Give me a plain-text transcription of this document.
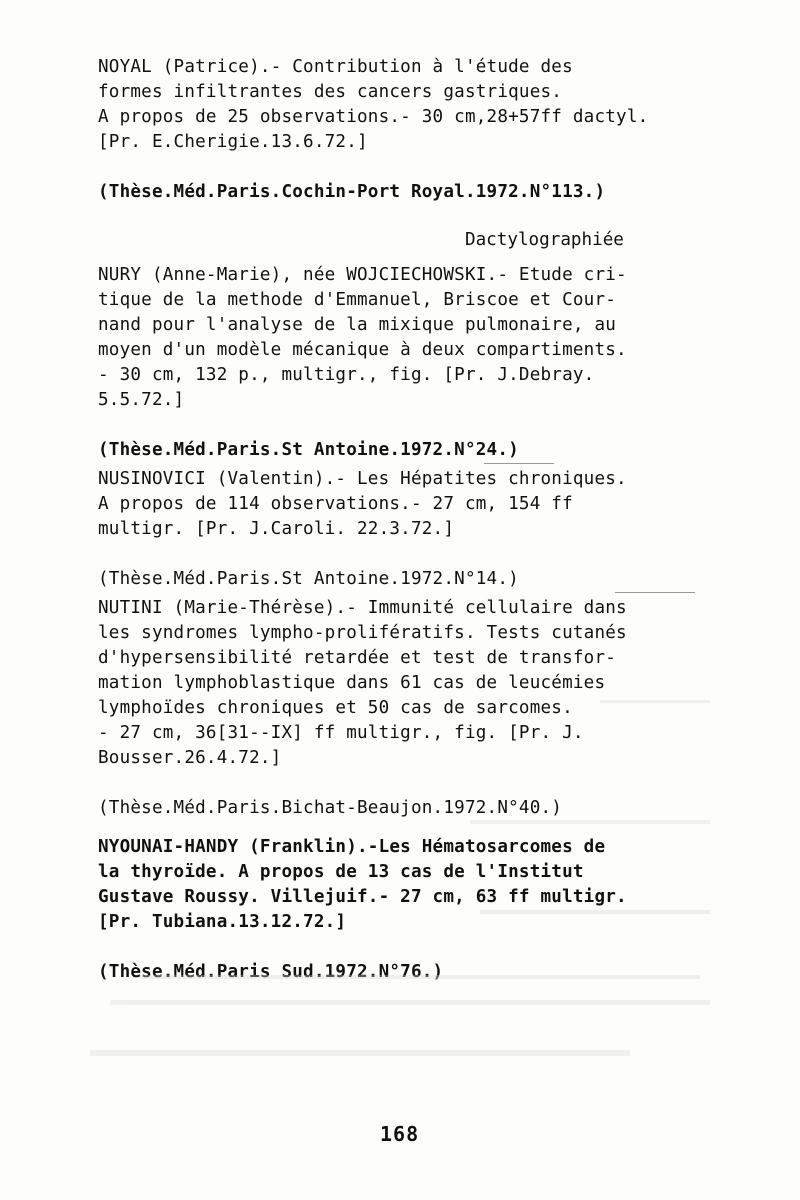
NOYAL (Patrice).- Contribution à l'étude des
formes infiltrantes des cancers gastriques.
A propos de 25 observations.- 30 cm,28+57ff dactyl.
[Pr. E.Cherigie.13.6.72.]
(Thèse.Méd.Paris.Cochin-Port Royal.1972.N°113.)
Dactylographiée
NURY (Anne-Marie), née WOJCIECHOWSKI.- Etude cri-
tique de la methode d'Emmanuel, Briscoe et Cour-
nand pour l'analyse de la mixique pulmonaire, au
moyen d'un modèle mécanique à deux compartiments.
- 30 cm, 132 p., multigr., fig. [Pr. J.Debray.
5.5.72.]
(Thèse.Méd.Paris.St Antoine.1972.N°24.)
NUSINOVICI (Valentin).- Les Hépatites chroniques.
A propos de 114 observations.- 27 cm, 154 ff
multigr. [Pr. J.Caroli. 22.3.72.]
(Thèse.Méd.Paris.St Antoine.1972.N°14.)
NUTINI (Marie-Thérèse).- Immunité cellulaire dans
les syndromes lympho-prolifératifs. Tests cutanés
d'hypersensibilité retardée et test de transfor-
mation lymphoblastique dans 61 cas de leucémies
lymphoïdes chroniques et 50 cas de sarcomes.
- 27 cm, 36[31--IX] ff multigr., fig. [Pr. J.
Bousser.26.4.72.]
(Thèse.Méd.Paris.Bichat-Beaujon.1972.N°40.)
NYOUNAI-HANDY (Franklin).-Les Hématosarcomes de
la thyroïde. A propos de 13 cas de l'Institut
Gustave Roussy. Villejuif.- 27 cm, 63 ff multigr.
[Pr. Tubiana.13.12.72.]
(Thèse.Méd.Paris Sud.1972.N°76.)
168
